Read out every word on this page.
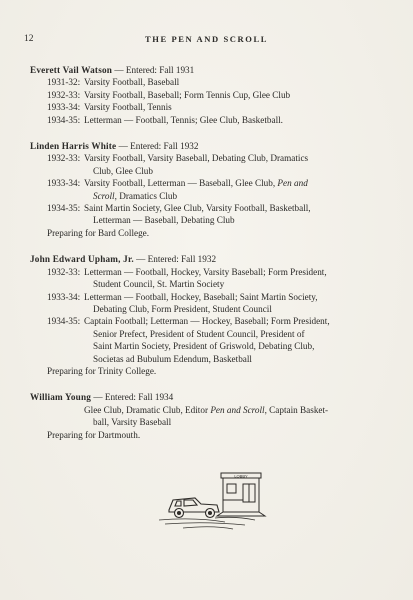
12	THE PEN AND SCROLL

Everett Vail Watson — Entered: Fall 1931

1931-32: Varsity Football, Baseball
1932-33: Varsity Football, Baseball; Form Tennis Cup, Glee Club
1933-34: Varsity Football, Tennis
1934-35: Letterman — Football, Tennis; Glee Club, Basketball.

Linden Harris White — Entered: Fall 1932

1932-33: Varsity Football, Varsity Baseball, Debating Club, Dramatics
Club, Glee Club
1933-34: Varsity Football, Letterman — Baseball, Glee Club, Pen and
Scroll, Dramatics Club
1934-35: Saint Martin Society, Glee Club, Varsity Football, Basketball,
Letterman — Baseball, Debating Club
Preparing for Bard College.

John Edward Upham, Jr. — Entered: Fall 1932

1932-33: Letterman — Football, Hockey, Varsity Baseball; Form President,
Student Council, St. Martin Society
1933-34: Letterman — Football, Hockey, Baseball; Saint Martin Society,
Debating Club, Form President, Student Council
1934-35: Captain Football; Letterman — Hockey, Baseball; Form President,
Senior Prefect, President of Student Council, President of
Saint Martin Society, President of Griswold, Debating Club,
Societas ad Bubulum Edendum, Basketball
Preparing for Trinity College.

William Young — Entered: Fall 1934

Glee Club, Dramatic Club, Editor Pen and Scroll, Captain Basket-
ball, Varsity Baseball
Preparing for Dartmouth.
LOBBY
